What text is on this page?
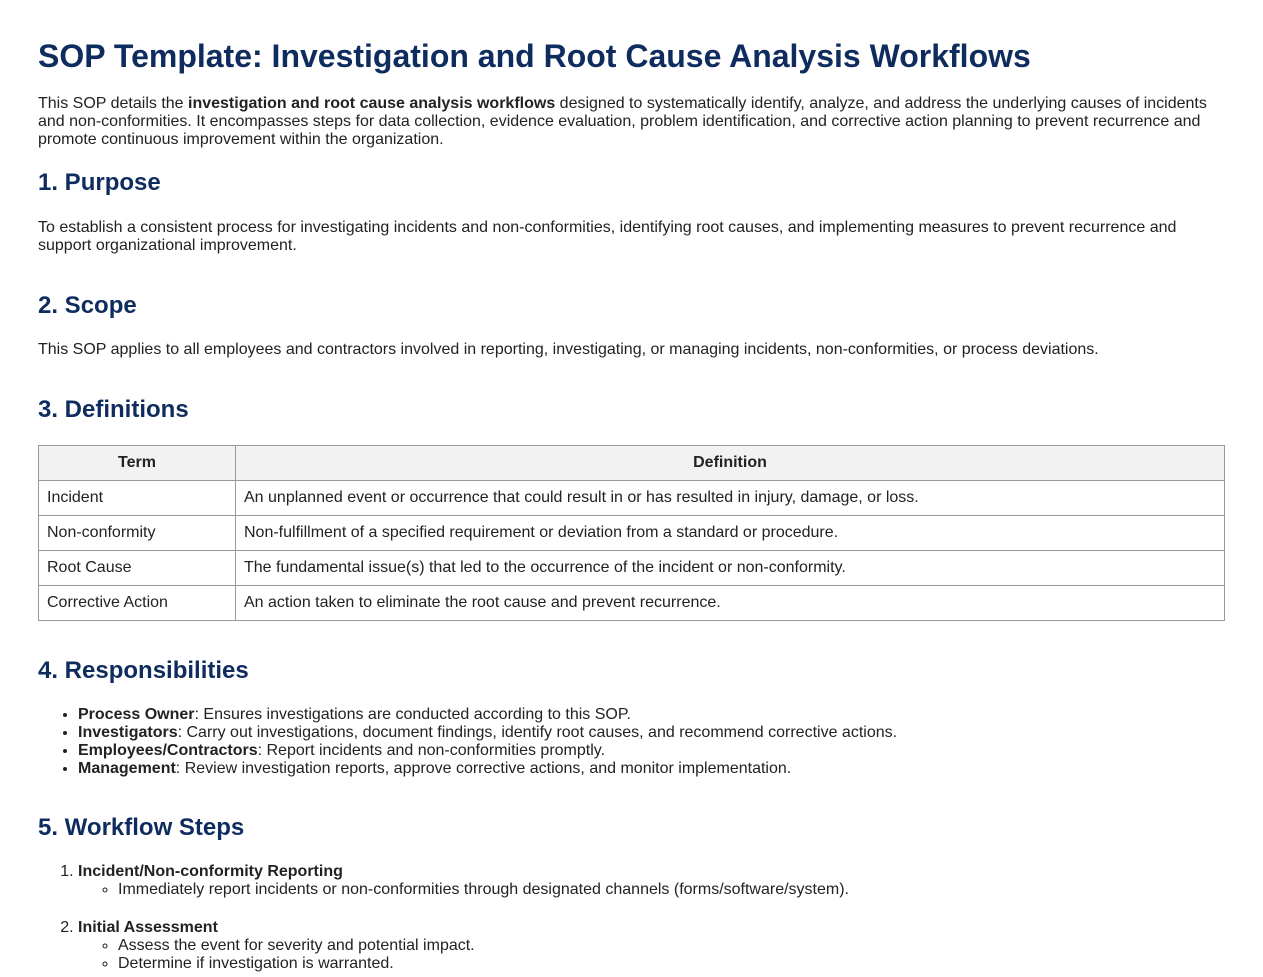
SOP Template: Investigation and Root Cause Analysis Workflows

This SOP details the investigation and root cause analysis workflows designed to systematically identify, analyze, and address the underlying causes of incidents and non-conformities. It encompasses steps for data collection, evidence evaluation, problem identification, and corrective action planning to prevent recurrence and promote continuous improvement within the organization.

1. Purpose

To establish a consistent process for investigating incidents and non-conformities, identifying root causes, and implementing measures to prevent recurrence and support organizational improvement.

2. Scope

This SOP applies to all employees and contractors involved in reporting, investigating, or managing incidents, non-conformities, or process deviations.

3. Definitions
Term	Definition
Incident	An unplanned event or occurrence that could result in or has resulted in injury, damage, or loss.
Non-conformity	Non-fulfillment of a specified requirement or deviation from a standard or procedure.
Root Cause	The fundamental issue(s) that led to the occurrence of the incident or non-conformity.
Corrective Action	An action taken to eliminate the root cause and prevent recurrence.
4. Responsibilities
• Process Owner: Ensures investigations are conducted according to this SOP.
• Investigators: Carry out investigations, document findings, identify root causes, and recommend corrective actions.
• Employees/Contractors: Report incidents and non-conformities promptly.
• Management: Review investigation reports, approve corrective actions, and monitor implementation.
5. Workflow Steps
1. Incident/Non-conformity Reporting
◦ Immediately report incidents or non-conformities through designated channels (forms/software/system).
2. Initial Assessment
◦ Assess the event for severity and potential impact.
◦ Determine if investigation is warranted.
